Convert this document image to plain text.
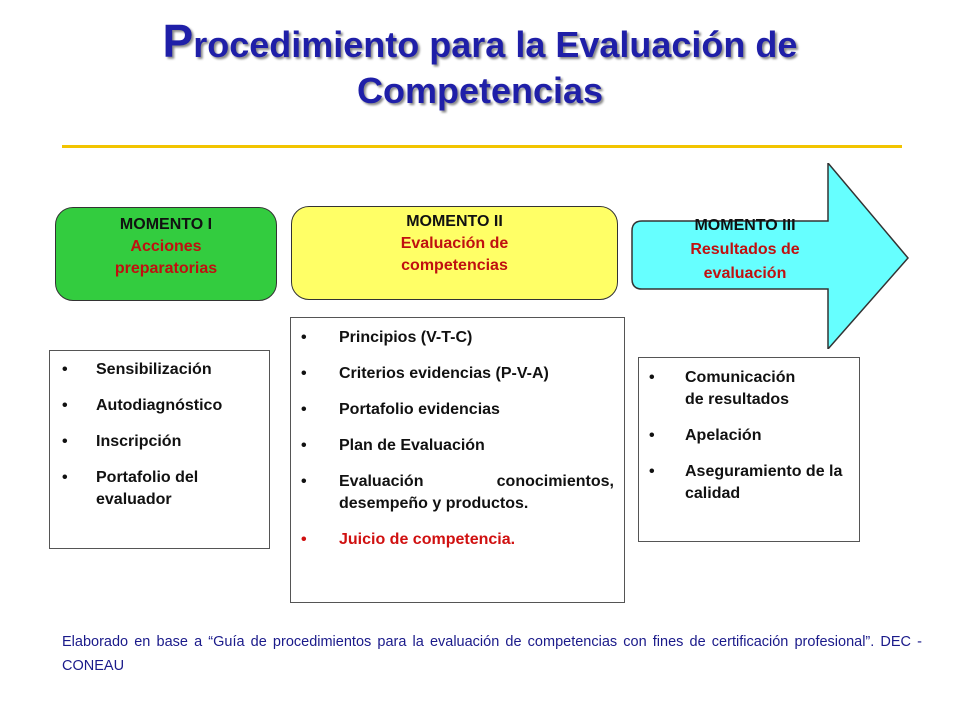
Procedimiento para la Evaluación de
Competencias
MOMENTO I
Acciones
preparatorias
MOMENTO II
Evaluación de
competencias
MOMENTO III
Resultados de
evaluación
• Sensibilización
• Autodiagnóstico
• Inscripción
• Portafolio del evaluador
• Principios (V-T-C)
• Criterios evidencias (P-V-A)
• Portafolio evidencias
• Plan de Evaluación
• Evaluación conocimientos,
desempeño y productos.
• Juicio de competencia.
• Comunicación de resultados
• Apelación
• Aseguramiento de la calidad
Elaborado en base a “Guía de procedimientos para la evaluación de competencias con fines de certificación profesional”. DEC - CONEAU
